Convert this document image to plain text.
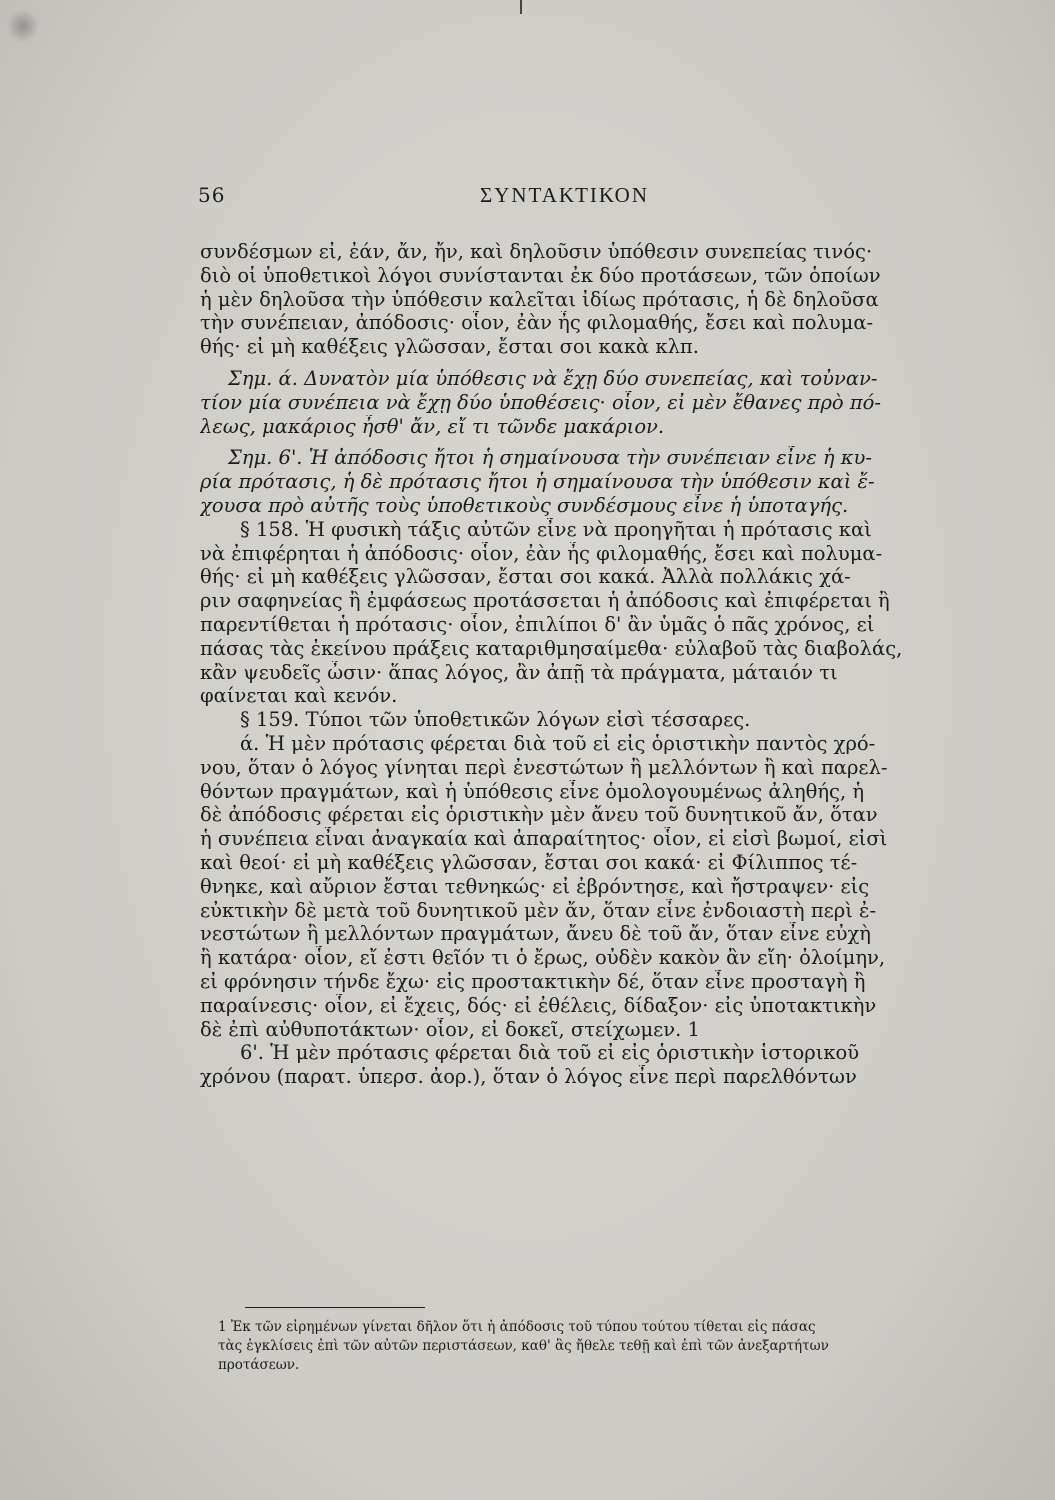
56	ΣΥΝΤΑΚΤΙΚΟΝ
συνδέσμων εἰ, ἐάν, ἄν, ἤν, καὶ δηλοῦσιν ὑπόθεσιν συνεπείας τινός·
διὸ οἱ ὑποθετικοὶ λόγοι συνίστανται ἐκ δύο προτάσεων, τῶν ὁποίων
ἡ μὲν δηλοῦσα τὴν ὑπόθεσιν καλεῖται ἰδίως πρότασις, ἡ δὲ δηλοῦσα
τὴν συνέπειαν, ἀπόδοσις· οἷον, ἐὰν ἦς φιλομαθής, ἔσει καὶ πολυμα-
θής· εἰ μὴ καθέξεις γλῶσσαν, ἔσται σοι κακὰ κλπ.
Σημ. ά. Δυνατὸν μία ὑπόθεσις νὰ ἔχῃ δύο συνεπείας, καὶ τοὐναν-
τίον μία συνέπεια νὰ ἔχῃ δύο ὑποθέσεις· οἷον, εἰ μὲν ἔθανες πρὸ πό-
λεως, μακάριος ἦσθ' ἄν, εἴ τι τῶνδε μακάριον.
Σημ. 6'. Ἡ ἀπόδοσις ἤτοι ἡ σημαίνουσα τὴν συνέπειαν εἶνε ἡ κυ-
ρία πρότασις, ἡ δὲ πρότασις ἤτοι ἡ σημαίνουσα τὴν ὑπόθεσιν καὶ ἔ-
χουσα πρὸ αὐτῆς τοὺς ὑποθετικοὺς συνδέσμους εἶνε ἡ ὑποταγής.
§ 158. Ἡ φυσικὴ τάξις αὐτῶν εἶνε νὰ προηγῆται ἡ πρότασις καὶ
νὰ ἐπιφέρηται ἡ ἀπόδοσις· οἷον, ἐὰν ἦς φιλομαθής, ἔσει καὶ πολυμα-
θής· εἰ μὴ καθέξεις γλῶσσαν, ἔσται σοι κακά. Ἀλλὰ πολλάκις χά-
ριν σαφηνείας ἢ ἐμφάσεως προτάσσεται ἡ ἀπόδοσις καὶ ἐπιφέρεται ἢ
παρεντίθεται ἡ πρότασις· οἷον, ἐπιλίποι δ' ἂν ὑμᾶς ὁ πᾶς χρόνος, εἰ
πάσας τὰς ἐκείνου πράξεις καταριθμησαίμεθα· εὐλαβοῦ τὰς διαβολάς,
κἂν ψευδεῖς ὦσιν· ἅπας λόγος, ἂν ἀπῇ τὰ πράγματα, μάταιόν τι
φαίνεται καὶ κενόν.
§ 159. Τύποι τῶν ὑποθετικῶν λόγων εἰσὶ τέσσαρες.
ά. Ἡ μὲν πρότασις φέρεται διὰ τοῦ εἰ εἰς ὁριστικὴν παντὸς χρό-
νου, ὅταν ὁ λόγος γίνηται περὶ ἐνεστώτων ἢ μελλόντων ἢ καὶ παρελ-
θόντων πραγμάτων, καὶ ἡ ὑπόθεσις εἶνε ὁμολογουμένως ἀληθής, ἡ
δὲ ἀπόδοσις φέρεται εἰς ὁριστικὴν μὲν ἄνευ τοῦ δυνητικοῦ ἄν, ὅταν
ἡ συνέπεια εἶναι ἀναγκαία καὶ ἀπαραίτητος· οἷον, εἰ εἰσὶ βωμοί, εἰσὶ
καὶ θεοί· εἰ μὴ καθέξεις γλῶσσαν, ἔσται σοι κακά· εἰ Φίλιππος τέ-
θνηκε, καὶ αὔριον ἔσται τεθνηκώς· εἰ ἐβρόντησε, καὶ ἤστραψεν· εἰς
εὐκτικὴν δὲ μετὰ τοῦ δυνητικοῦ μὲν ἄν, ὅταν εἶνε ἐνδοιαστὴ περὶ ἐ-
νεστώτων ἢ μελλόντων πραγμάτων, ἄνευ δὲ τοῦ ἄν, ὅταν εἶνε εὐχὴ
ἢ κατάρα· οἷον, εἴ ἐστι θεῖόν τι ὁ ἔρως, οὐδὲν κακὸν ἂν εἴη· ὀλοίμην,
εἰ φρόνησιν τήνδε ἔχω· εἰς προστακτικὴν δέ, ὅταν εἶνε προσταγὴ ἢ
παραίνεσις· οἷον, εἰ ἔχεις, δός· εἰ ἐθέλεις, δίδαξον· εἰς ὑποτακτικὴν
δὲ ἐπὶ αὐθυποτάκτων· οἷον, εἰ δοκεῖ, στείχωμεν. 1
6'. Ἡ μὲν πρότασις φέρεται διὰ τοῦ εἰ εἰς ὁριστικὴν ἱστορικοῦ
χρόνου (παρατ. ὑπερσ. ἀορ.), ὅταν ὁ λόγος εἶνε περὶ παρελθόντων
1 Ἐκ τῶν εἰρημένων γίνεται δῆλον ὅτι ἡ ἀπόδοσις τοῦ τύπου τούτου τίθεται εἰς πάσας
τὰς ἐγκλίσεις ἐπὶ τῶν αὐτῶν περιστάσεων, καθ' ἃς ἤθελε τεθῇ καὶ ἐπὶ τῶν ἀνεξαρτήτων
προτάσεων.
